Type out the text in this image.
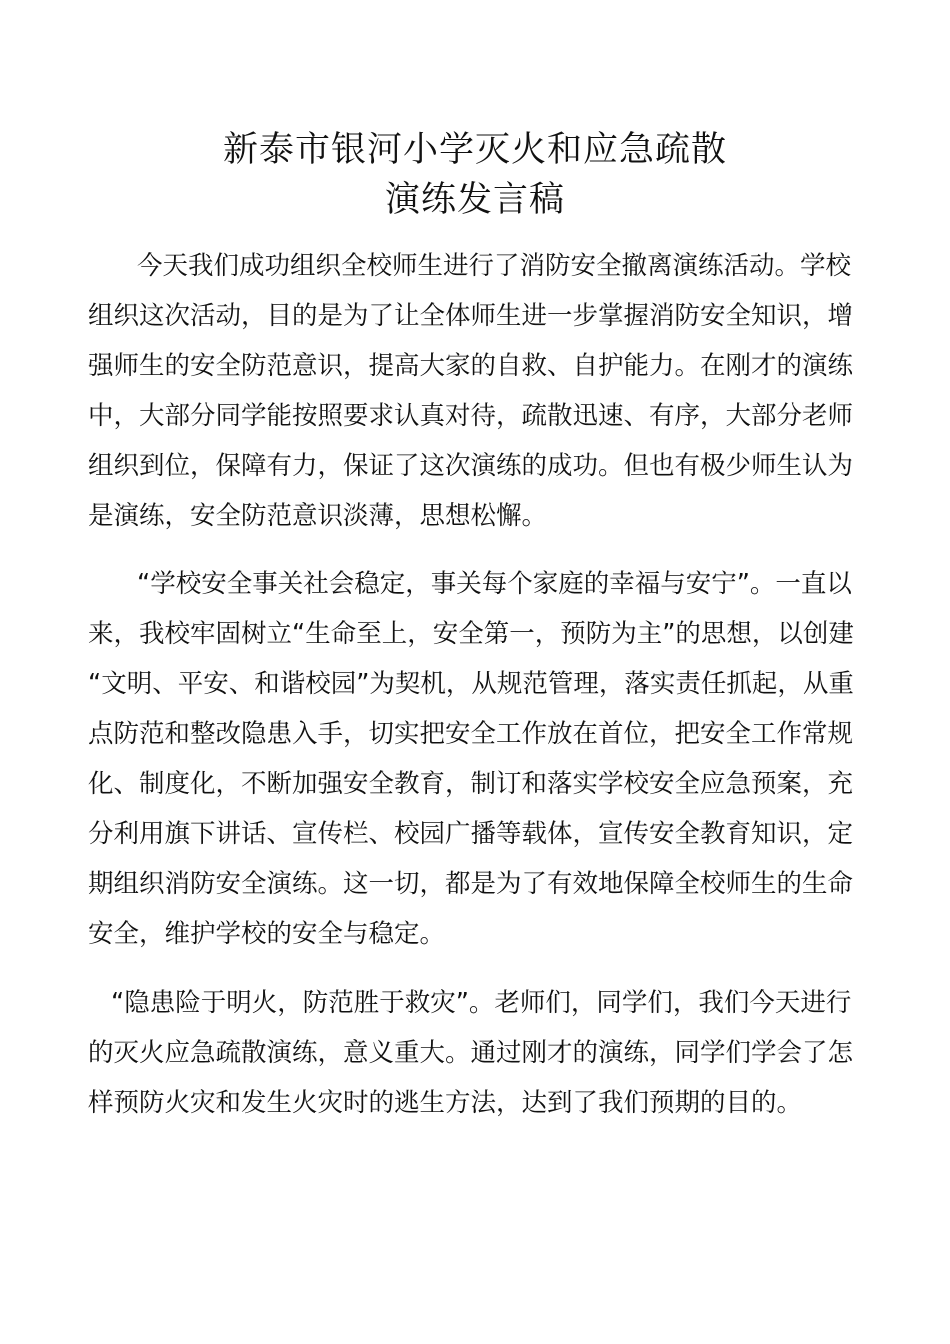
新泰市银河小学灭火和应急疏散
演练发言稿
今天我们成功组织全校师生进行了消防安全撤离演练活动。学校
组织这次活动，目的是为了让全体师生进一步掌握消防安全知识，增
强师生的安全防范意识，提高大家的自救、自护能力。在刚才的演练
中，大部分同学能按照要求认真对待，疏散迅速、有序，大部分老师
组织到位，保障有力，保证了这次演练的成功。但也有极少师生认为
是演练，安全防范意识淡薄，思想松懈。
“学校安全事关社会稳定，事关每个家庭的幸福与安宁”。一直以
来，我校牢固树立“生命至上，安全第一，预防为主”的思想，以创建
“文明、平安、和谐校园”为契机，从规范管理，落实责任抓起，从重
点防范和整改隐患入手，切实把安全工作放在首位，把安全工作常规
化、制度化，不断加强安全教育，制订和落实学校安全应急预案，充
分利用旗下讲话、宣传栏、校园广播等载体，宣传安全教育知识，定
期组织消防安全演练。这一切，都是为了有效地保障全校师生的生命
安全，维护学校的安全与稳定。
“隐患险于明火，防范胜于救灾”。老师们，同学们，我们今天进行
的灭火应急疏散演练，意义重大。通过刚才的演练，同学们学会了怎
样预防火灾和发生火灾时的逃生方法，达到了我们预期的目的。
